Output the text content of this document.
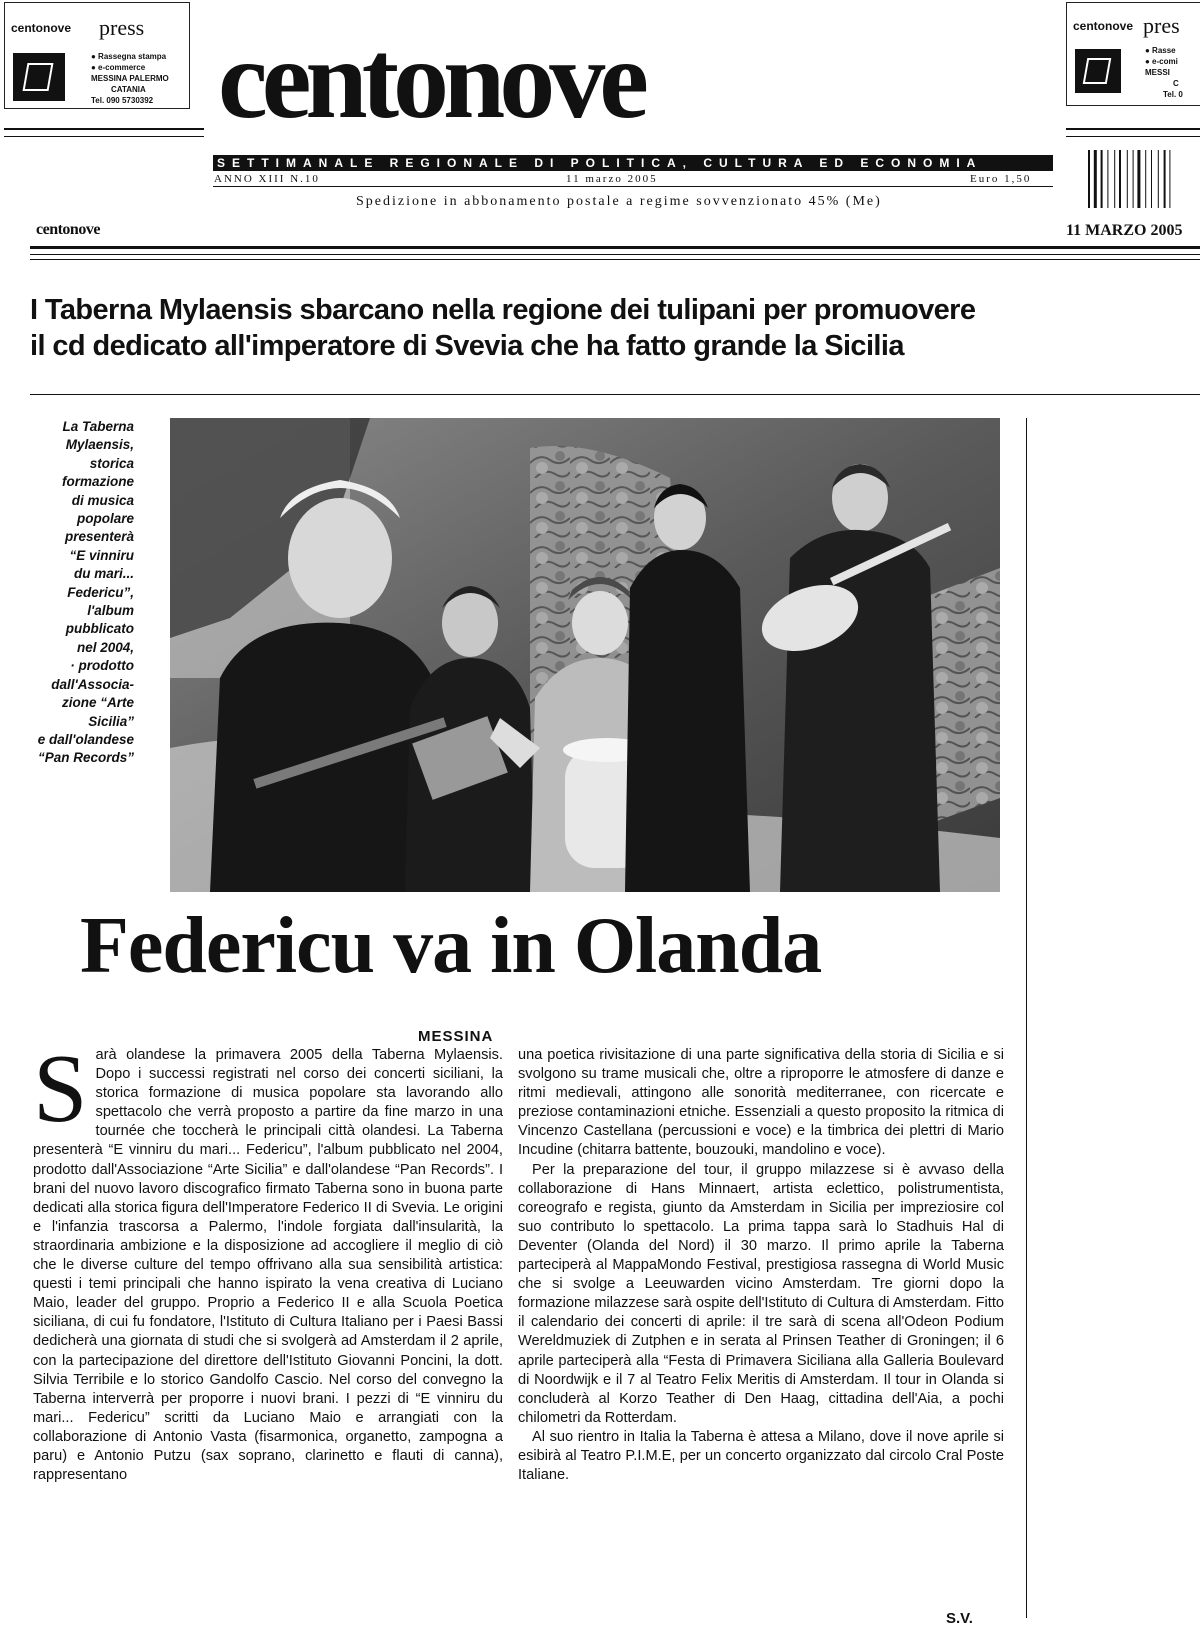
centonove press
● Rassegna stampa
● e-commerce
MESSINA PALERMO
CATANIA
Tel. 090 5730392
centonove pres
● Rasse
● e-comi
MESSI
C
Tel. 0
centonove
SETTIMANALE REGIONALE DI POLITICA, CULTURA ED ECONOMIA
ANNO XIII N.10	11 marzo 2005	Euro 1,50
Spedizione in abbonamento postale a regime sovvenzionato 45% (Me)
centonove	11 MARZO 2005
I Taberna Mylaensis sbarcano nella regione dei tulipani per promuovere
il cd dedicato all'imperatore di Svevia che ha fatto grande la Sicilia
La Taberna
Mylaensis,
storica
formazione
di musica
popolare
presenterà
“E vinniru
du mari...
Federicu”,
l'album
pubblicato
nel 2004,
· prodotto
dall'Associa-
zione “Arte
Sicilia”
e dall'olandese
“Pan Records”
Federicu va in Olanda
MESSINA
S arà olandese la primavera 2005 della Taberna Mylaensis. Dopo i successi registrati nel corso dei concerti siciliani, la storica formazione di musica popolare sta lavorando allo spettacolo che verrà proposto a partire da fine marzo in una tournée che toccherà le principali città olandesi. La Taberna presenterà “E vinniru du mari... Federicu”, l'album pubblicato nel 2004, prodotto dall'Associazione “Arte Sicilia” e dall'olandese “Pan Records”. I brani del nuovo lavoro discografico firmato Taberna sono in buona parte dedicati alla storica figura dell'Imperatore Federico II di Svevia. Le origini e l'infanzia trascorsa a Palermo, l'indole forgiata dall'insularità, la straordinaria ambizione e la disposizione ad accogliere il meglio di ciò che le diverse culture del tempo offrivano alla sua sensibilità artistica: questi i temi principali che hanno ispirato la vena creativa di Luciano Maio, leader del gruppo. Proprio a Federico II e alla Scuola Poetica siciliana, di cui fu fondatore, l'Istituto di Cultura Italiano per i Paesi Bassi dedicherà una giornata di studi che si svolgerà ad Amsterdam il 2 aprile, con la partecipazione del direttore dell'Istituto Giovanni Poncini, la dott. Silvia Terribile e lo storico Gandolfo Cascio. Nel corso del convegno la Taberna interverrà per proporre i nuovi brani. I pezzi di “E vinniru du mari... Federicu” scritti da Luciano Maio e arrangiati con la collaborazione di Antonio Vasta (fisarmonica, organetto, zampogna a paru) e Antonio Putzu (sax soprano, clarinetto e flauti di canna), rappresentano

una poetica rivisitazione di una parte significativa della storia di Sicilia e si svolgono su trame musicali che, oltre a riproporre le atmosfere di danze e ritmi medievali, attingono alle sonorità mediterranee, con ricercate e preziose contaminazioni etniche. Essenziali a questo proposito la ritmica di Vincenzo Castellana (percussioni e voce) e la timbrica dei plettri di Mario Incudine (chitarra battente, bouzouki, mandolino e voce).

Per la preparazione del tour, il gruppo milazzese si è avvaso della collaborazione di Hans Minnaert, artista eclettico, polistrumentista, coreografo e regista, giunto da Amsterdam in Sicilia per impreziosire col suo contributo lo spettacolo. La prima tappa sarà lo Stadhuis Hal di Deventer (Olanda del Nord) il 30 marzo. Il primo aprile la Taberna parteciperà al MappaMondo Festival, prestigiosa rassegna di World Music che si svolge a Leeuwarden vicino Amsterdam. Tre giorni dopo la formazione milazzese sarà ospite dell'Istituto di Cultura di Amsterdam. Fitto il calendario dei concerti di aprile: il tre sarà di scena all'Odeon Podium Wereldmuziek di Zutphen e in serata al Prinsen Teather di Groningen; il 6 aprile parteciperà alla “Festa di Primavera Siciliana alla Galleria Boulevard di Noordwijk e il 7 al Teatro Felix Meritis di Amsterdam. Il tour in Olanda si concluderà al Korzo Teather di Den Haag, cittadina dell'Aia, a pochi chilometri da Rotterdam.

Al suo rientro in Italia la Taberna è attesa a Milano, dove il nove aprile si esibirà al Teatro P.I.M.E, per un concerto organizzato dal circolo Cral Poste Italiane.

S.V.
